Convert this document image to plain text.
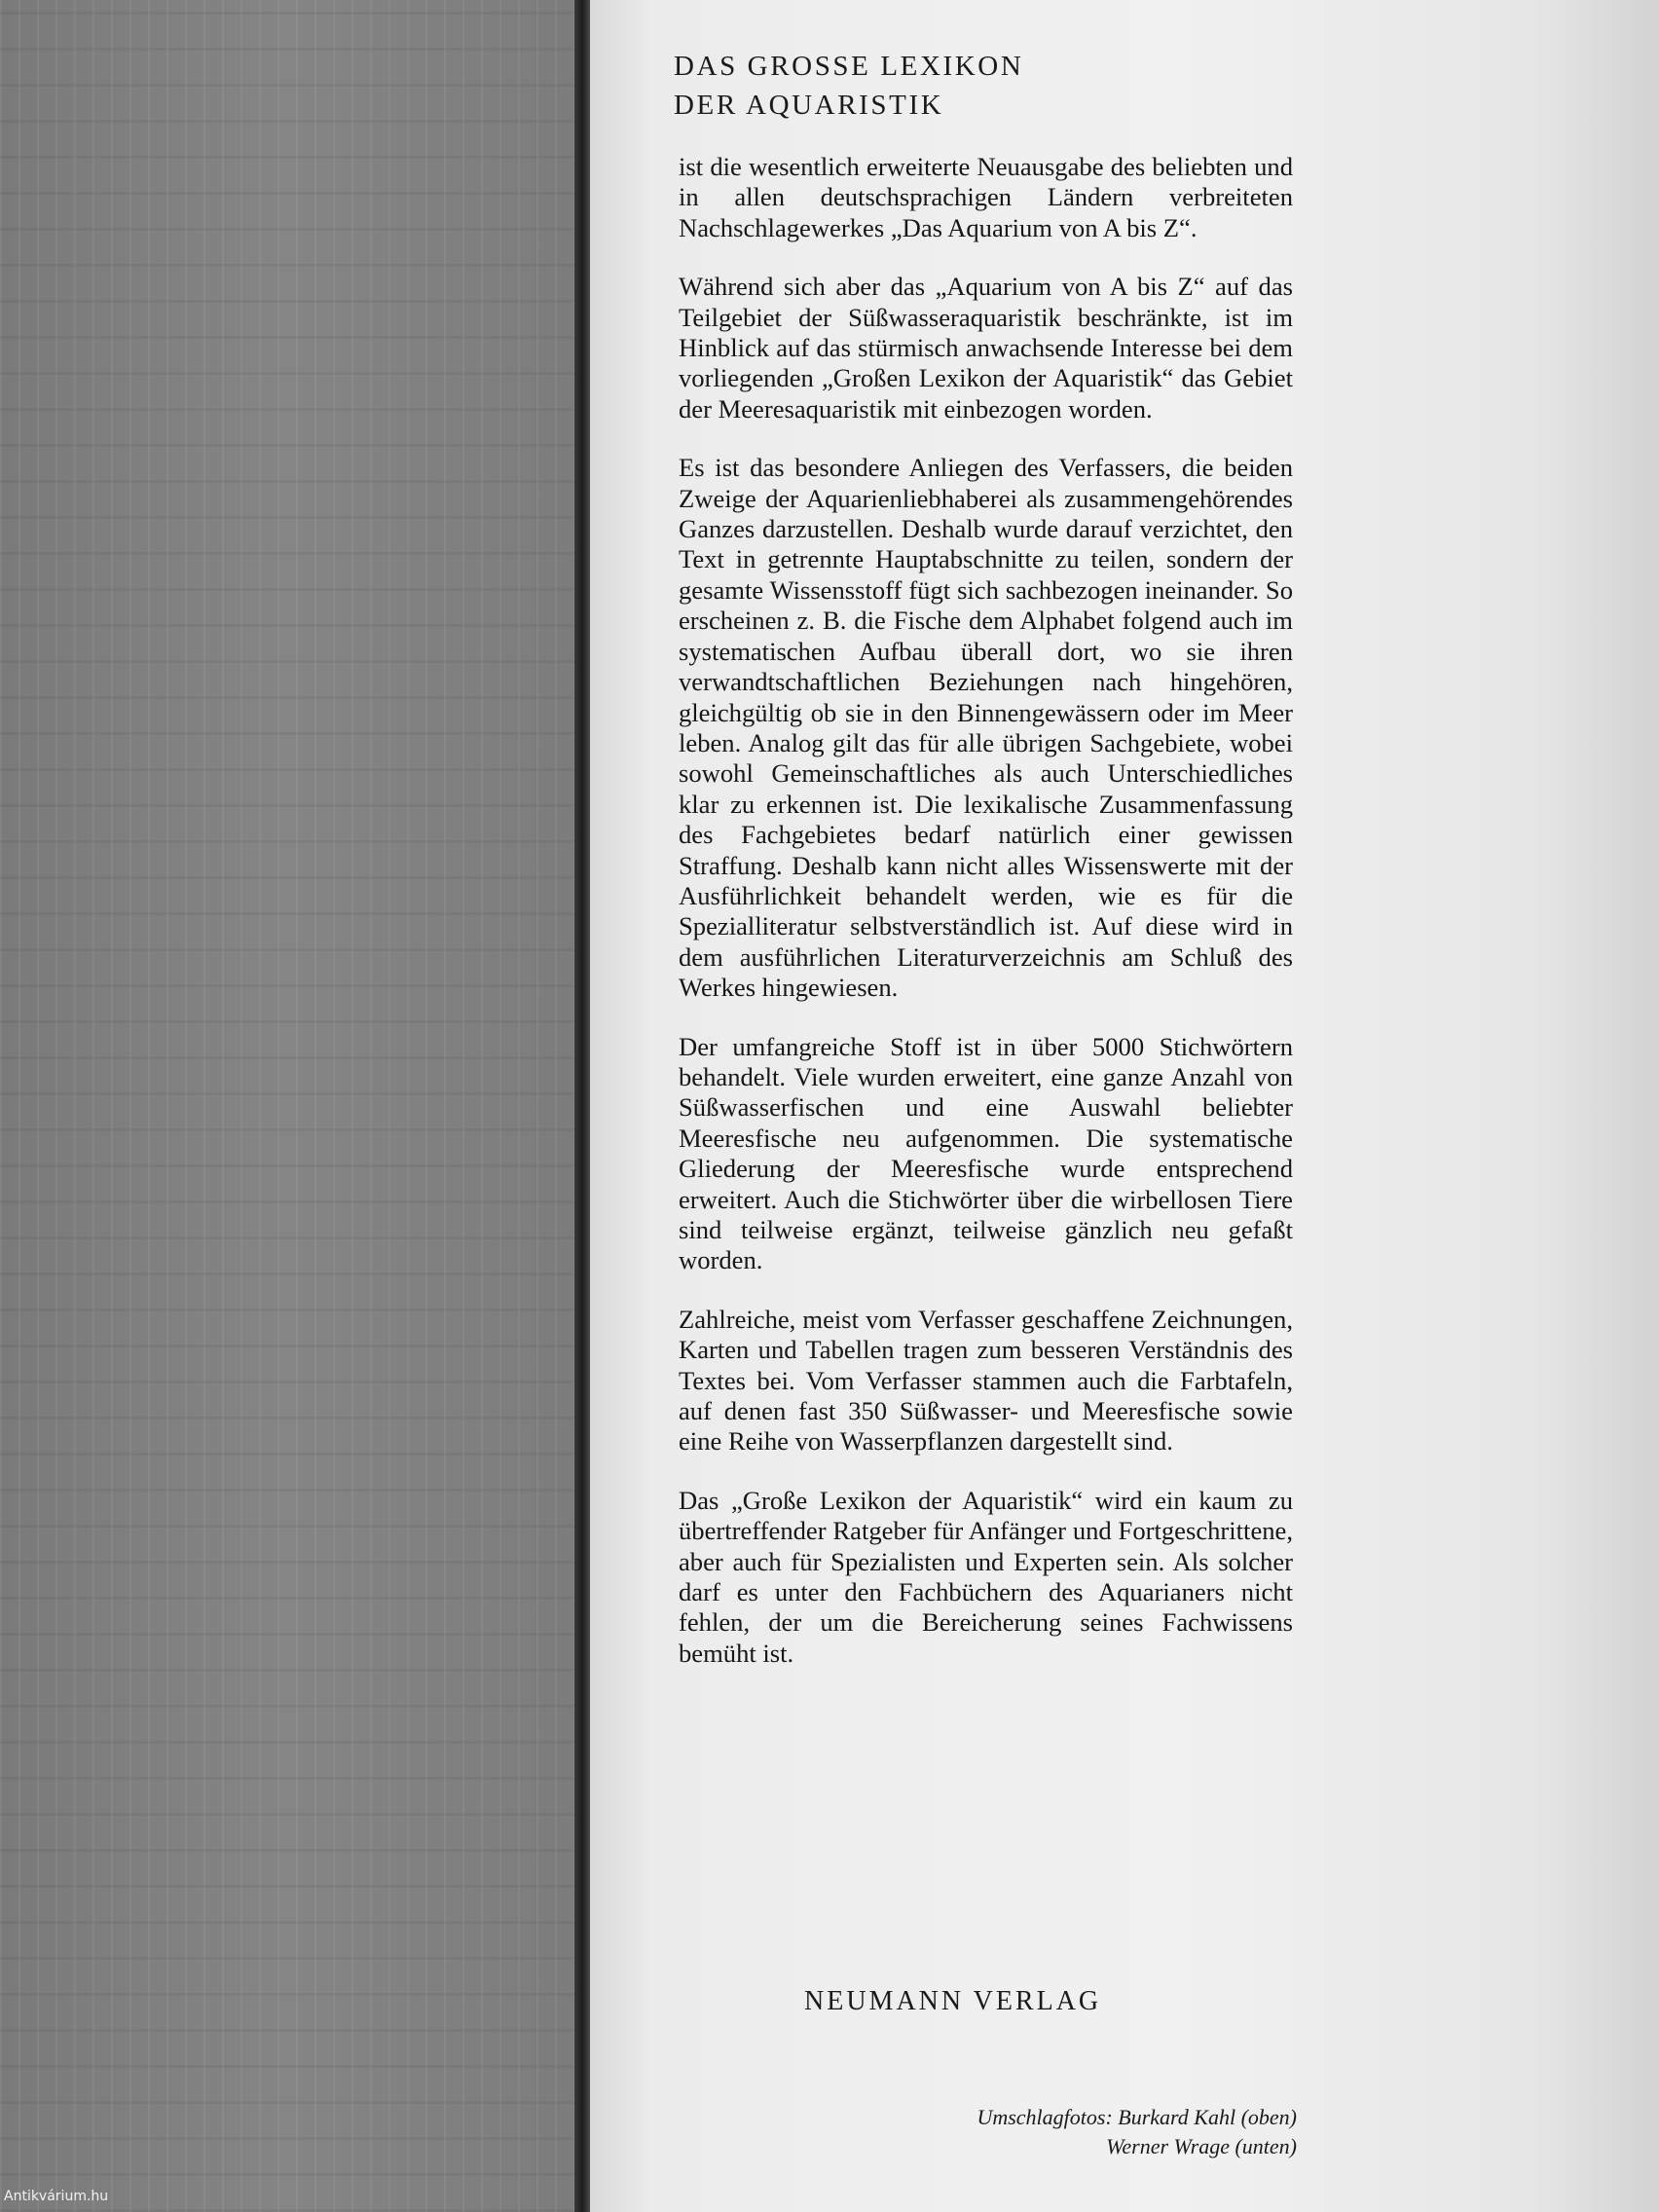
DAS GROSSE LEXIKON
DER AQUARISTIK

ist die wesentlich erweiterte Neuausgabe des beliebten und in allen deutschsprachigen Ländern verbreiteten Nachschlagewerkes „Das Aquarium von A bis Z“.

Während sich aber das „Aquarium von A bis Z“ auf das Teilgebiet der Süßwasseraquaristik beschränkte, ist im Hinblick auf das stürmisch anwachsende Interesse bei dem vorliegenden „Großen Lexikon der Aquaristik“ das Gebiet der Meeresaquaristik mit einbezogen worden.

Es ist das besondere Anliegen des Verfassers, die beiden Zweige der Aquarienliebhaberei als zusammengehörendes Ganzes darzustellen. Deshalb wurde darauf verzichtet, den Text in getrennte Hauptabschnitte zu teilen, sondern der gesamte Wissensstoff fügt sich sachbezogen ineinander. So erscheinen z. B. die Fische dem Alphabet folgend auch im systematischen Aufbau überall dort, wo sie ihren verwandtschaftlichen Beziehungen nach hingehören, gleichgültig ob sie in den Binnengewässern oder im Meer leben. Analog gilt das für alle übrigen Sachgebiete, wobei sowohl Gemeinschaftliches als auch Unterschiedliches klar zu erkennen ist. Die lexikalische Zusammenfassung des Fachgebietes bedarf natürlich einer gewissen Straffung. Deshalb kann nicht alles Wissenswerte mit der Ausführlichkeit behandelt werden, wie es für die Spezialliteratur selbstverständlich ist. Auf diese wird in dem ausführlichen Literaturverzeichnis am Schluß des Werkes hingewiesen.

Der umfangreiche Stoff ist in über 5000 Stichwörtern behandelt. Viele wurden erweitert, eine ganze Anzahl von Süßwasserfischen und eine Auswahl beliebter Meeresfische neu aufgenommen. Die systematische Gliederung der Meeresfische wurde entsprechend erweitert. Auch die Stichwörter über die wirbellosen Tiere sind teilweise ergänzt, teilweise gänzlich neu gefaßt worden.

Zahlreiche, meist vom Verfasser geschaffene Zeichnungen, Karten und Tabellen tragen zum besseren Verständnis des Textes bei. Vom Verfasser stammen auch die Farbtafeln, auf denen fast 350 Süßwasser- und Meeresfische sowie eine Reihe von Wasserpflanzen dargestellt sind.

Das „Große Lexikon der Aquaristik“ wird ein kaum zu übertreffender Ratgeber für Anfänger und Fortgeschrittene, aber auch für Spezialisten und Experten sein. Als solcher darf es unter den Fachbüchern des Aquarianers nicht fehlen, der um die Bereicherung seines Fachwissens bemüht ist.

NEUMANN VERLAG

Umschlagfotos: Burkard Kahl (oben)
Werner Wrage (unten)
Antikvárium.hu
